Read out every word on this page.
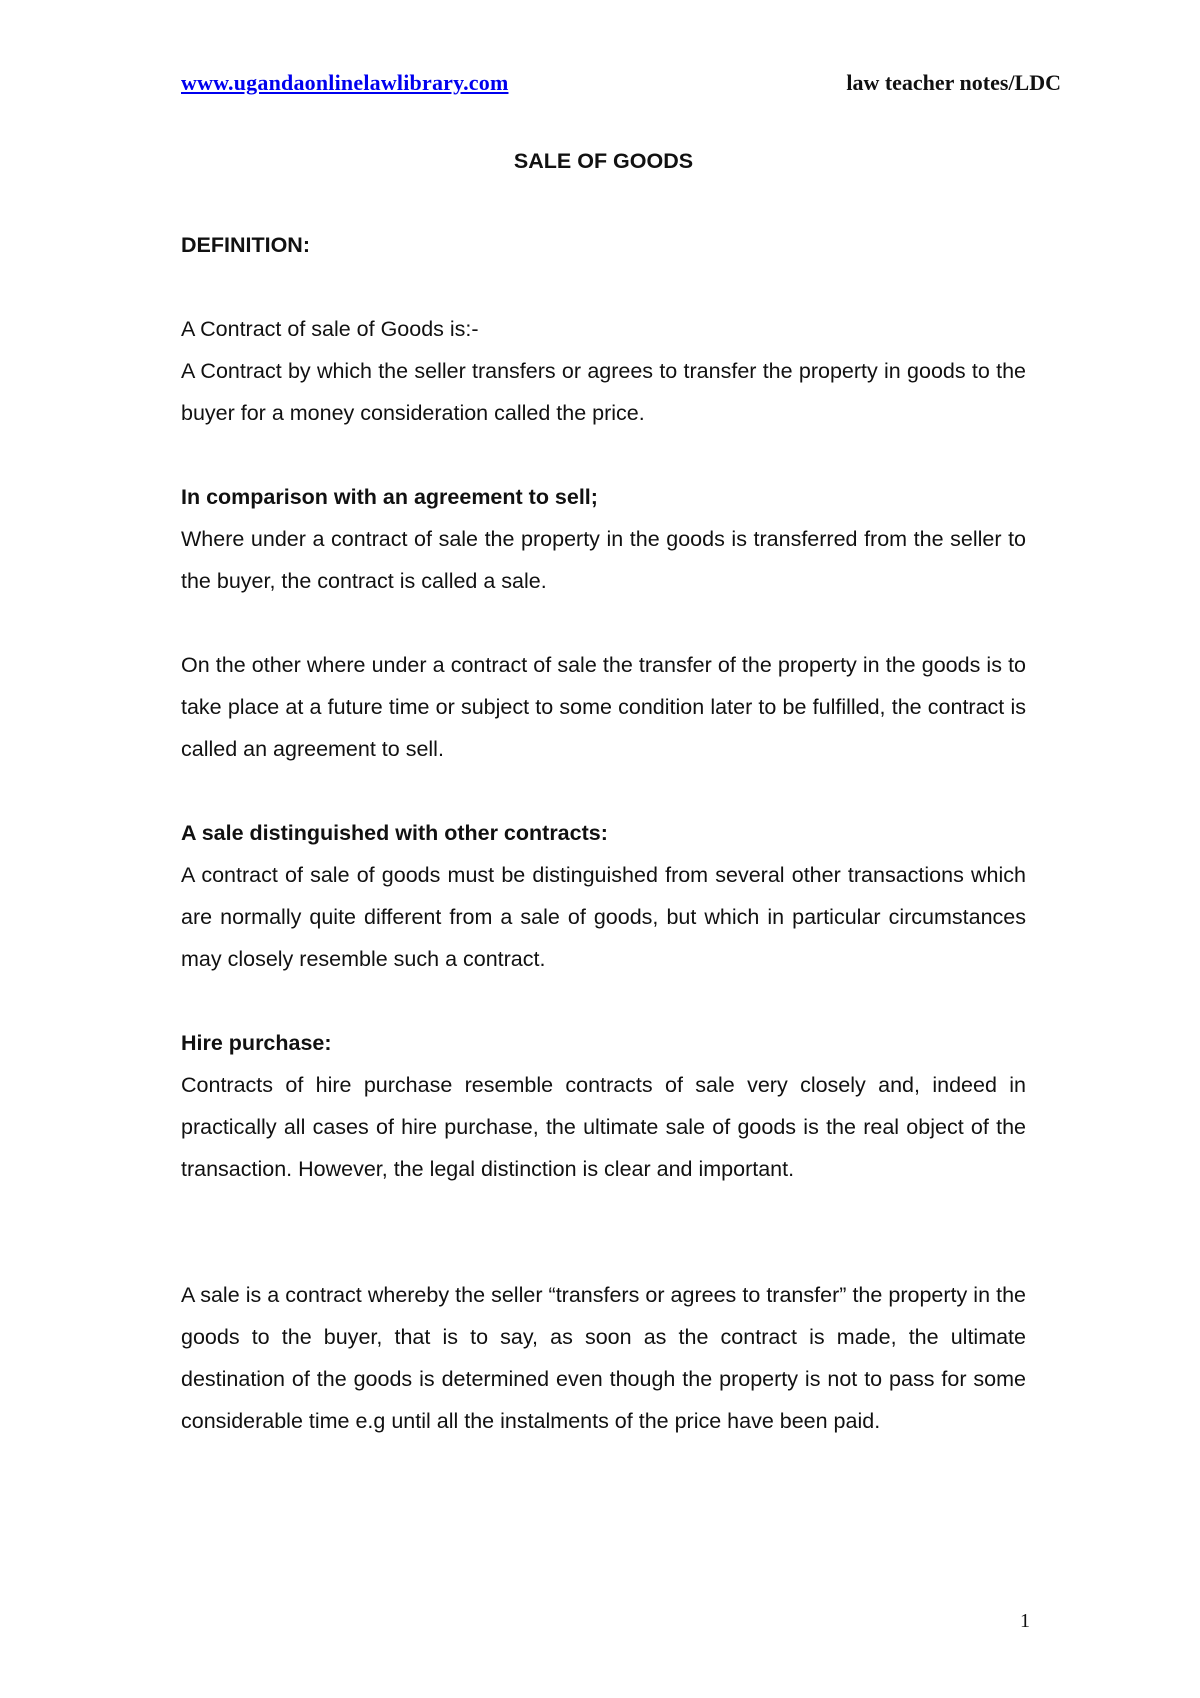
www.ugandaonlinelawlibrary.com	law teacher notes/LDC

SALE OF GOODS

DEFINITION:

A Contract of sale of Goods is:-

A Contract by which the seller transfers or agrees to transfer the property in goods to the buyer for a money consideration called the price.

In comparison with an agreement to sell;

Where under a contract of sale the property in the goods is transferred from the seller to the buyer, the contract is called a sale.

On the other where under a contract of sale the transfer of the property in the goods is to take place at a future time or subject to some condition later to be fulfilled, the contract is called an agreement to sell.

A sale distinguished with other contracts:

A contract of sale of goods must be distinguished from several other transactions which are normally quite different from a sale of goods, but which in particular circumstances may closely resemble such a contract.

Hire purchase:

Contracts of hire purchase resemble contracts of sale very closely and, indeed in practically all cases of hire purchase, the ultimate sale of goods is the real object of the transaction. However, the legal distinction is clear and important.

A sale is a contract whereby the seller “transfers or agrees to transfer” the property in the goods to the buyer, that is to say, as soon as the contract is made, the ultimate destination of the goods is determined even though the property is not to pass for some considerable time e.g until all the instalments of the price have been paid.

1
